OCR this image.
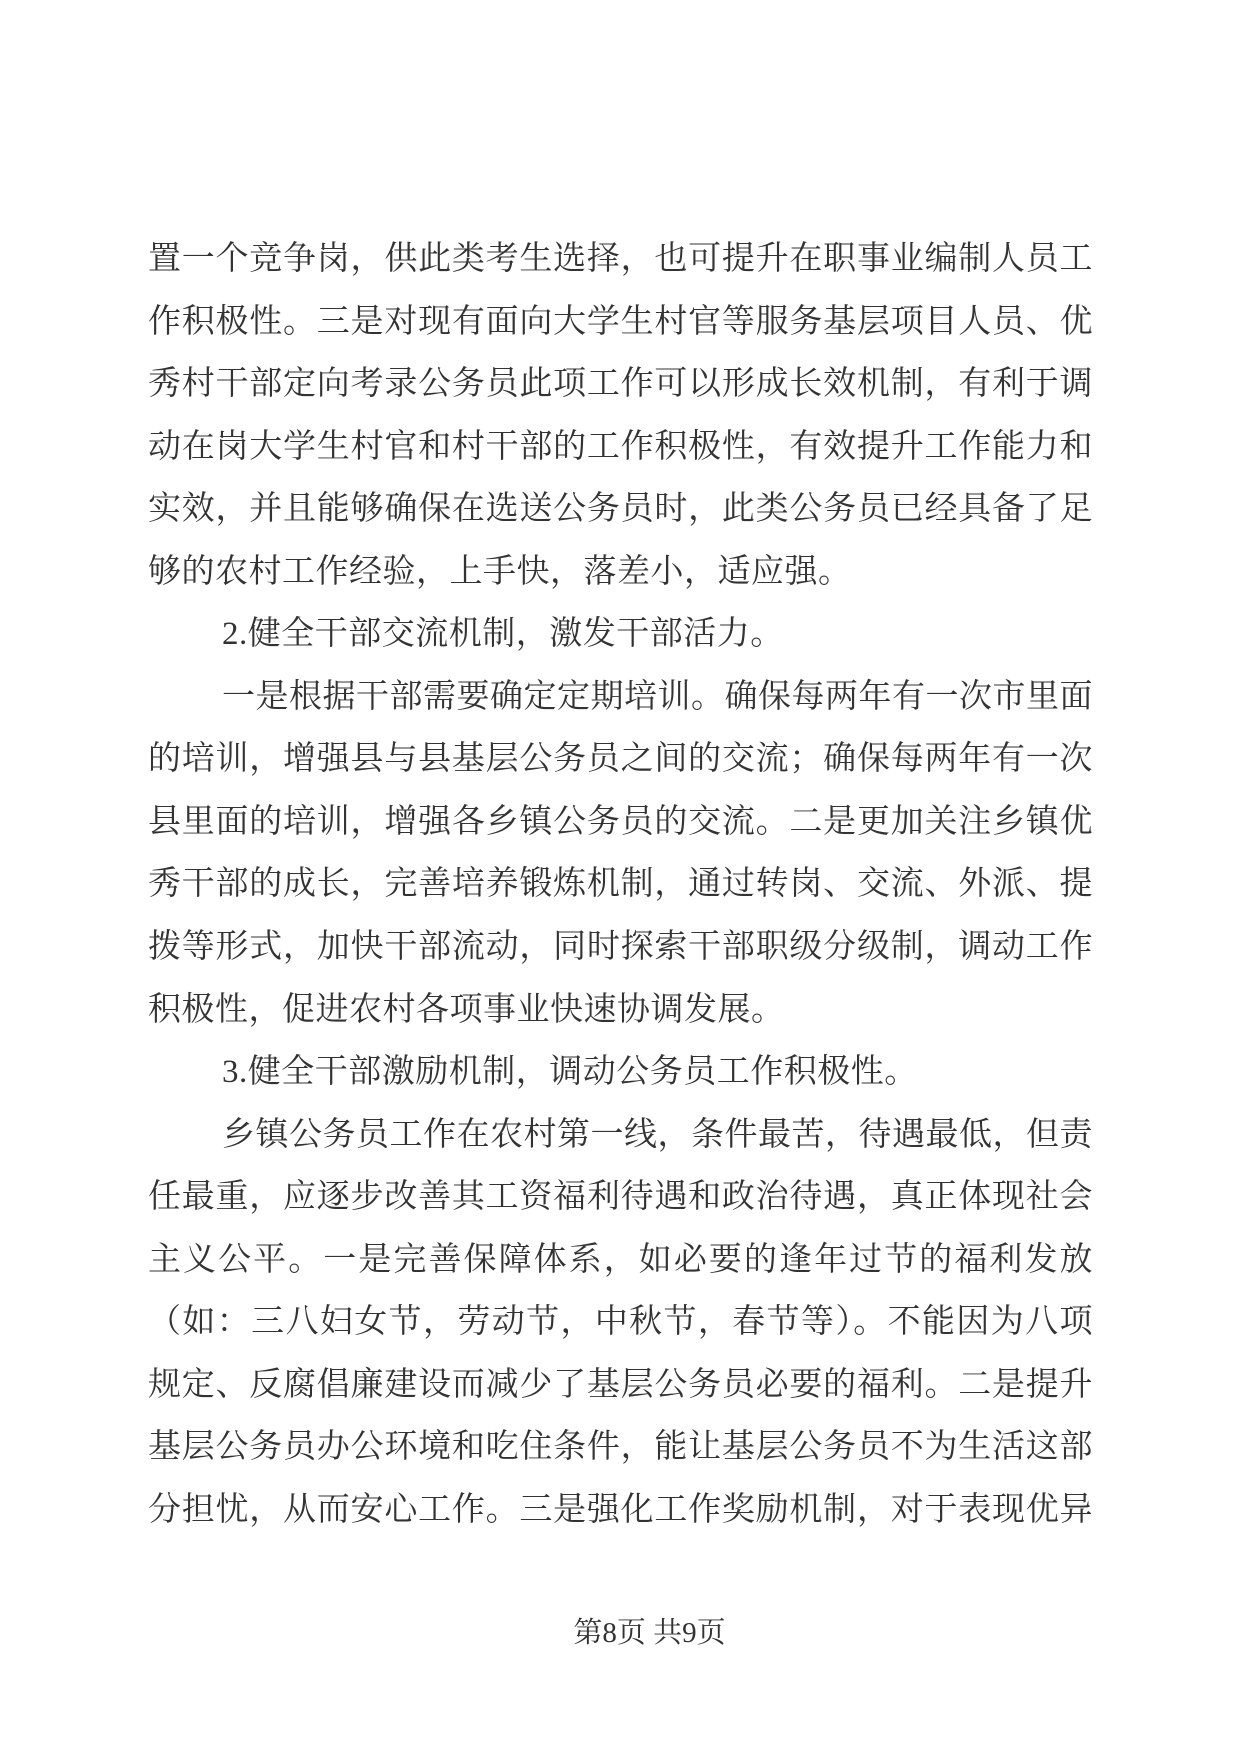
置一个竞争岗，供此类考生选择，也可提升在职事业编制人员工
作积极性。三是对现有面向大学生村官等服务基层项目人员、优
秀村干部定向考录公务员此项工作可以形成长效机制，有利于调
动在岗大学生村官和村干部的工作积极性，有效提升工作能力和
实效，并且能够确保在选送公务员时，此类公务员已经具备了足
够的农村工作经验，上手快，落差小，适应强。
2.健全干部交流机制，激发干部活力。
一是根据干部需要确定定期培训。确保每两年有一次市里面
的培训，增强县与县基层公务员之间的交流；确保每两年有一次
县里面的培训，增强各乡镇公务员的交流。二是更加关注乡镇优
秀干部的成长，完善培养锻炼机制，通过转岗、交流、外派、提
拨等形式，加快干部流动，同时探索干部职级分级制，调动工作
积极性，促进农村各项事业快速协调发展。
3.健全干部激励机制，调动公务员工作积极性。
乡镇公务员工作在农村第一线，条件最苦，待遇最低，但责
任最重，应逐步改善其工资福利待遇和政治待遇，真正体现社会
主义公平。一是完善保障体系，如必要的逢年过节的福利发放
（如：三八妇女节，劳动节，中秋节，春节等）。不能因为八项
规定、反腐倡廉建设而减少了基层公务员必要的福利。二是提升
基层公务员办公环境和吃住条件，能让基层公务员不为生活这部
分担忧，从而安心工作。三是强化工作奖励机制，对于表现优异
第8页 共9页
